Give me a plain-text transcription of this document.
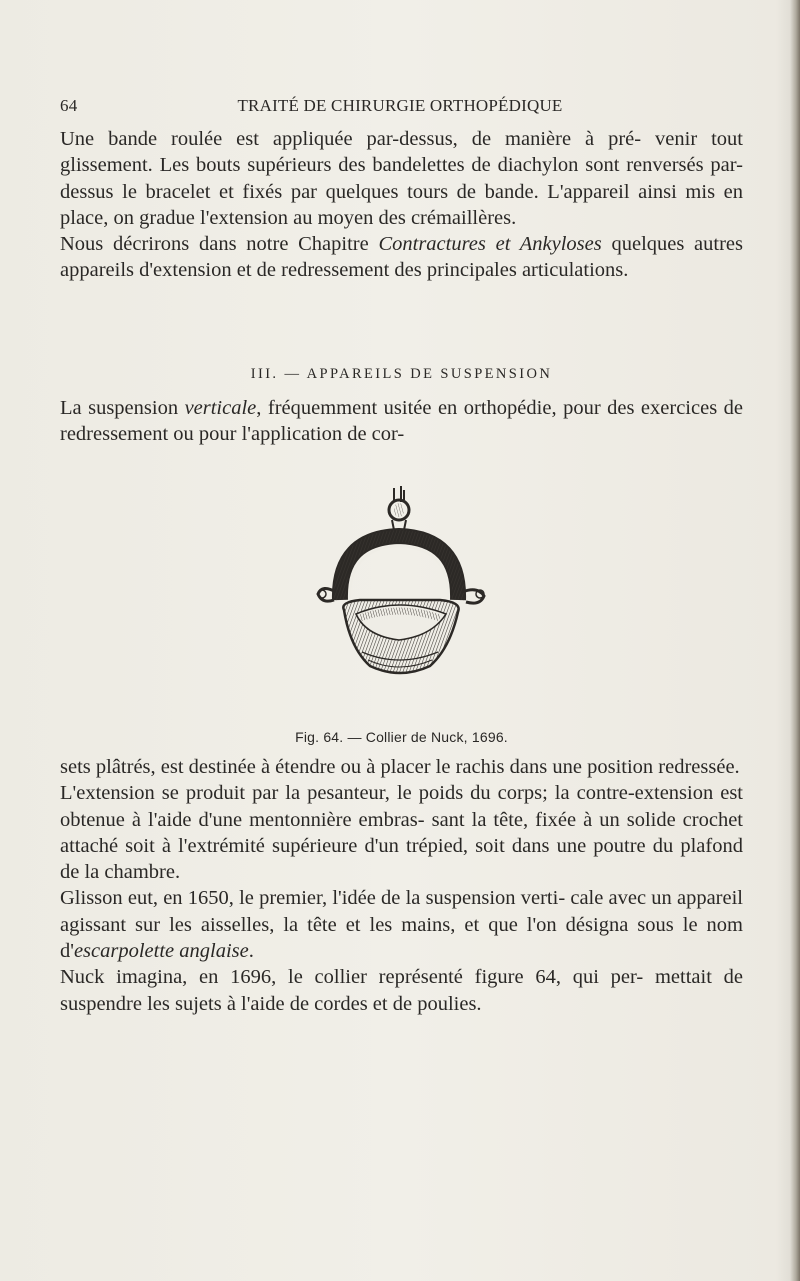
64	TRAITÉ DE CHIRURGIE ORTHOPÉDIQUE

Une bande roulée est appliquée par-dessus, de manière à pré- venir tout glissement. Les bouts supérieurs des bandelettes de diachylon sont renversés par-dessus le bracelet et fixés par quelques tours de bande. L'appareil ainsi mis en place, on gradue l'extension au moyen des crémaillères.

Nous décrirons dans notre Chapitre Contractures et Ankyloses quelques autres appareils d'extension et de redressement des principales articulations.

III. — APPAREILS DE SUSPENSION

La suspension verticale, fréquemment usitée en orthopédie, pour des exercices de redressement ou pour l'application de cor-

Fig. 64. — Collier de Nuck, 1696.

sets plâtrés, est destinée à étendre ou à placer le rachis dans une position redressée.

L'extension se produit par la pesanteur, le poids du corps; la contre-extension est obtenue à l'aide d'une mentonnière embras- sant la tête, fixée à un solide crochet attaché soit à l'extrémité supérieure d'un trépied, soit dans une poutre du plafond de la chambre.

Glisson eut, en 1650, le premier, l'idée de la suspension verti- cale avec un appareil agissant sur les aisselles, la tête et les mains, et que l'on désigna sous le nom d'escarpolette anglaise.

Nuck imagina, en 1696, le collier représenté figure 64, qui per- mettait de suspendre les sujets à l'aide de cordes et de poulies.
